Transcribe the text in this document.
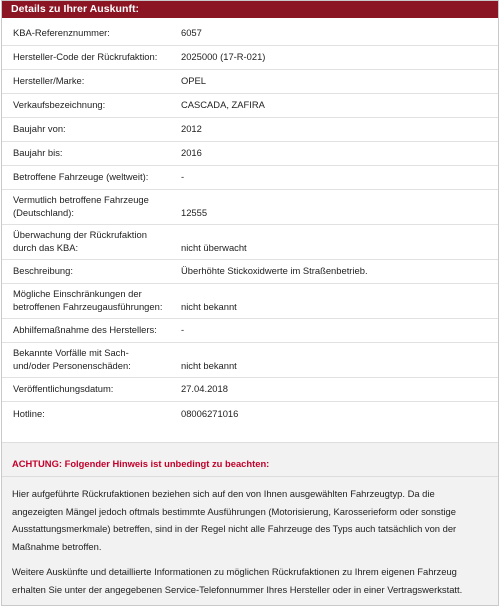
Details zu Ihrer Auskunft:
KBA-Referenznummer:	6057
Hersteller-Code der Rückrufaktion:	2025000 (17-R-021)
Hersteller/Marke:	OPEL
Verkaufsbezeichnung:	CASCADA, ZAFIRA
Baujahr von:	2012
Baujahr bis:	2016
Betroffene Fahrzeuge (weltweit):	-
Vermutlich betroffene Fahrzeuge
(Deutschland):	12555
Überwachung der Rückrufaktion
durch das KBA:	nicht überwacht
Beschreibung:	Überhöhte Stickoxidwerte im Straßenbetrieb.
Mögliche Einschränkungen der
betroffenen Fahrzeugausführungen:	nicht bekannt
Abhilfemaßnahme des Herstellers:	-
Bekannte Vorfälle mit Sach-
und/oder Personenschäden:	nicht bekannt
Veröffentlichungsdatum:	27.04.2018
Hotline:	08006271016
ACHTUNG: Folgender Hinweis ist unbedingt zu beachten:

Hier aufgeführte Rückrufaktionen beziehen sich auf den von Ihnen ausgewählten Fahrzeugtyp. Da die angezeigten Mängel jedoch oftmals bestimmte Ausführungen (Motorisierung, Karosserieform oder sonstige Ausstattungsmerkmale) betreffen, sind in der Regel nicht alle Fahrzeuge des Typs auch tatsächlich von der Maßnahme betroffen.

Weitere Auskünfte und detaillierte Informationen zu möglichen Rückrufaktionen zu Ihrem eigenen Fahrzeug erhalten Sie unter der angegebenen Service-Telefonnummer Ihres Hersteller oder in einer Vertragswerkstatt.
